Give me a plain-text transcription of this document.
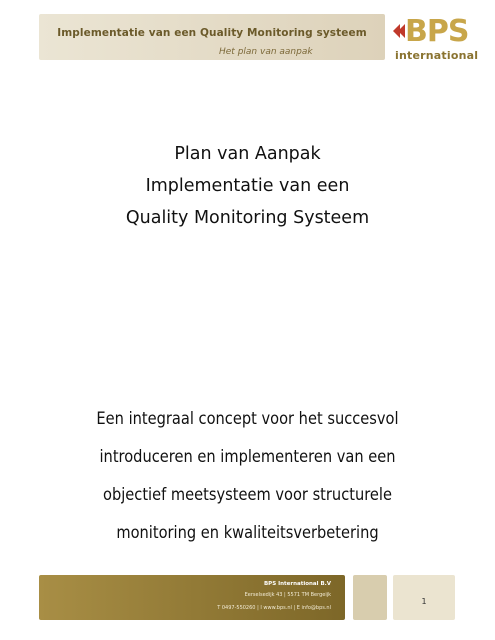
Implementatie van een Quality Monitoring systeem
Het plan van aanpak
BPS
international
Plan van Aanpak
Implementatie van een
Quality Monitoring Systeem
Een integraal concept voor het succesvol
introduceren en implementeren van een
objectief meetsysteem voor structurele
monitoring en kwaliteitsverbetering
BPS International B.V
Eerselsedijk 43 | 5571 TM Bergeijk
T 0497-550260 | I www.bps.nl | E info@bps.nl
1
